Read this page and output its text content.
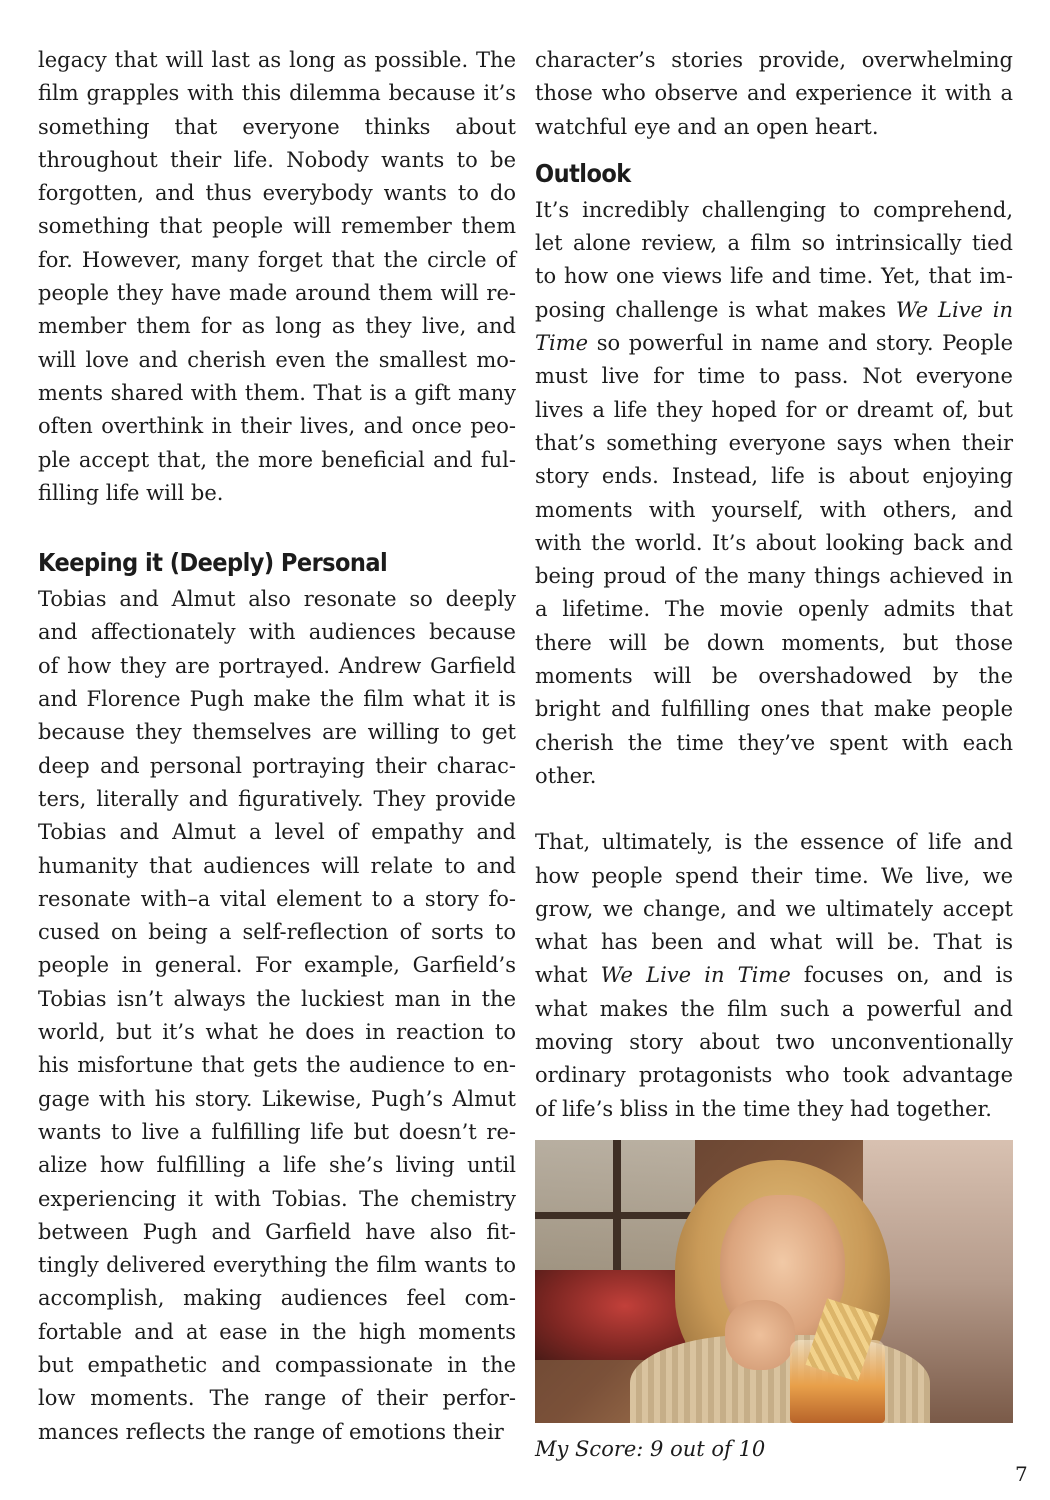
legacy that will last as long as possible. The film grapples with this dilemma because it’s something that everyone thinks about throughout their life. Nobody wants to be forgotten, and thus everybody wants to do something that people will remember them for. However, many forget that the circle of people they have made around them will remember them for as long as they live, and will love and cherish even the smallest moments shared with them. That is a gift many often overthink in their lives, and once people accept that, the more beneficial and fulfilling life will be.

Keeping it (Deeply) Personal

Tobias and Almut also resonate so deeply and affectionately with audiences because of how they are portrayed. Andrew Garfield and Florence Pugh make the film what it is because they themselves are willing to get deep and personal portraying their characters, literally and figuratively. They provide Tobias and Almut a level of empathy and humanity that audiences will relate to and resonate with–a vital element to a story focused on being a self-reflection of sorts to people in general. For example, Garfield’s Tobias isn’t always the luckiest man in the world, but it’s what he does in reaction to his misfortune that gets the audience to engage with his story. Likewise, Pugh’s Almut wants to live a fulfilling life but doesn’t realize how fulfilling a life she’s living until experiencing it with Tobias. The chemistry between Pugh and Garfield have also fittingly delivered everything the film wants to accomplish, making audiences feel comfortable and at ease in the high moments but empathetic and compassionate in the low moments. The range of their performances reflects the range of emotions their

character’s stories provide, overwhelming those who observe and experience it with a watchful eye and an open heart.

Outlook

It’s incredibly challenging to comprehend, let alone review, a film so intrinsically tied to how one views life and time. Yet, that imposing challenge is what makes We Live in Time so powerful in name and story. People must live for time to pass. Not everyone lives a life they hoped for or dreamt of, but that’s something everyone says when their story ends. Instead, life is about enjoying moments with yourself, with others, and with the world. It’s about looking back and being proud of the many things achieved in a lifetime. The movie openly admits that there will be down moments, but those moments will be overshadowed by the bright and fulfilling ones that make people cherish the time they’ve spent with each other.

That, ultimately, is the essence of life and how people spend their time. We live, we grow, we change, and we ultimately accept what has been and what will be. That is what We Live in Time focuses on, and is what makes the film such a powerful and moving story about two unconventionally ordinary protagonists who took advantage of life’s bliss in the time they had together.

My Score: 9 out of 10
7
